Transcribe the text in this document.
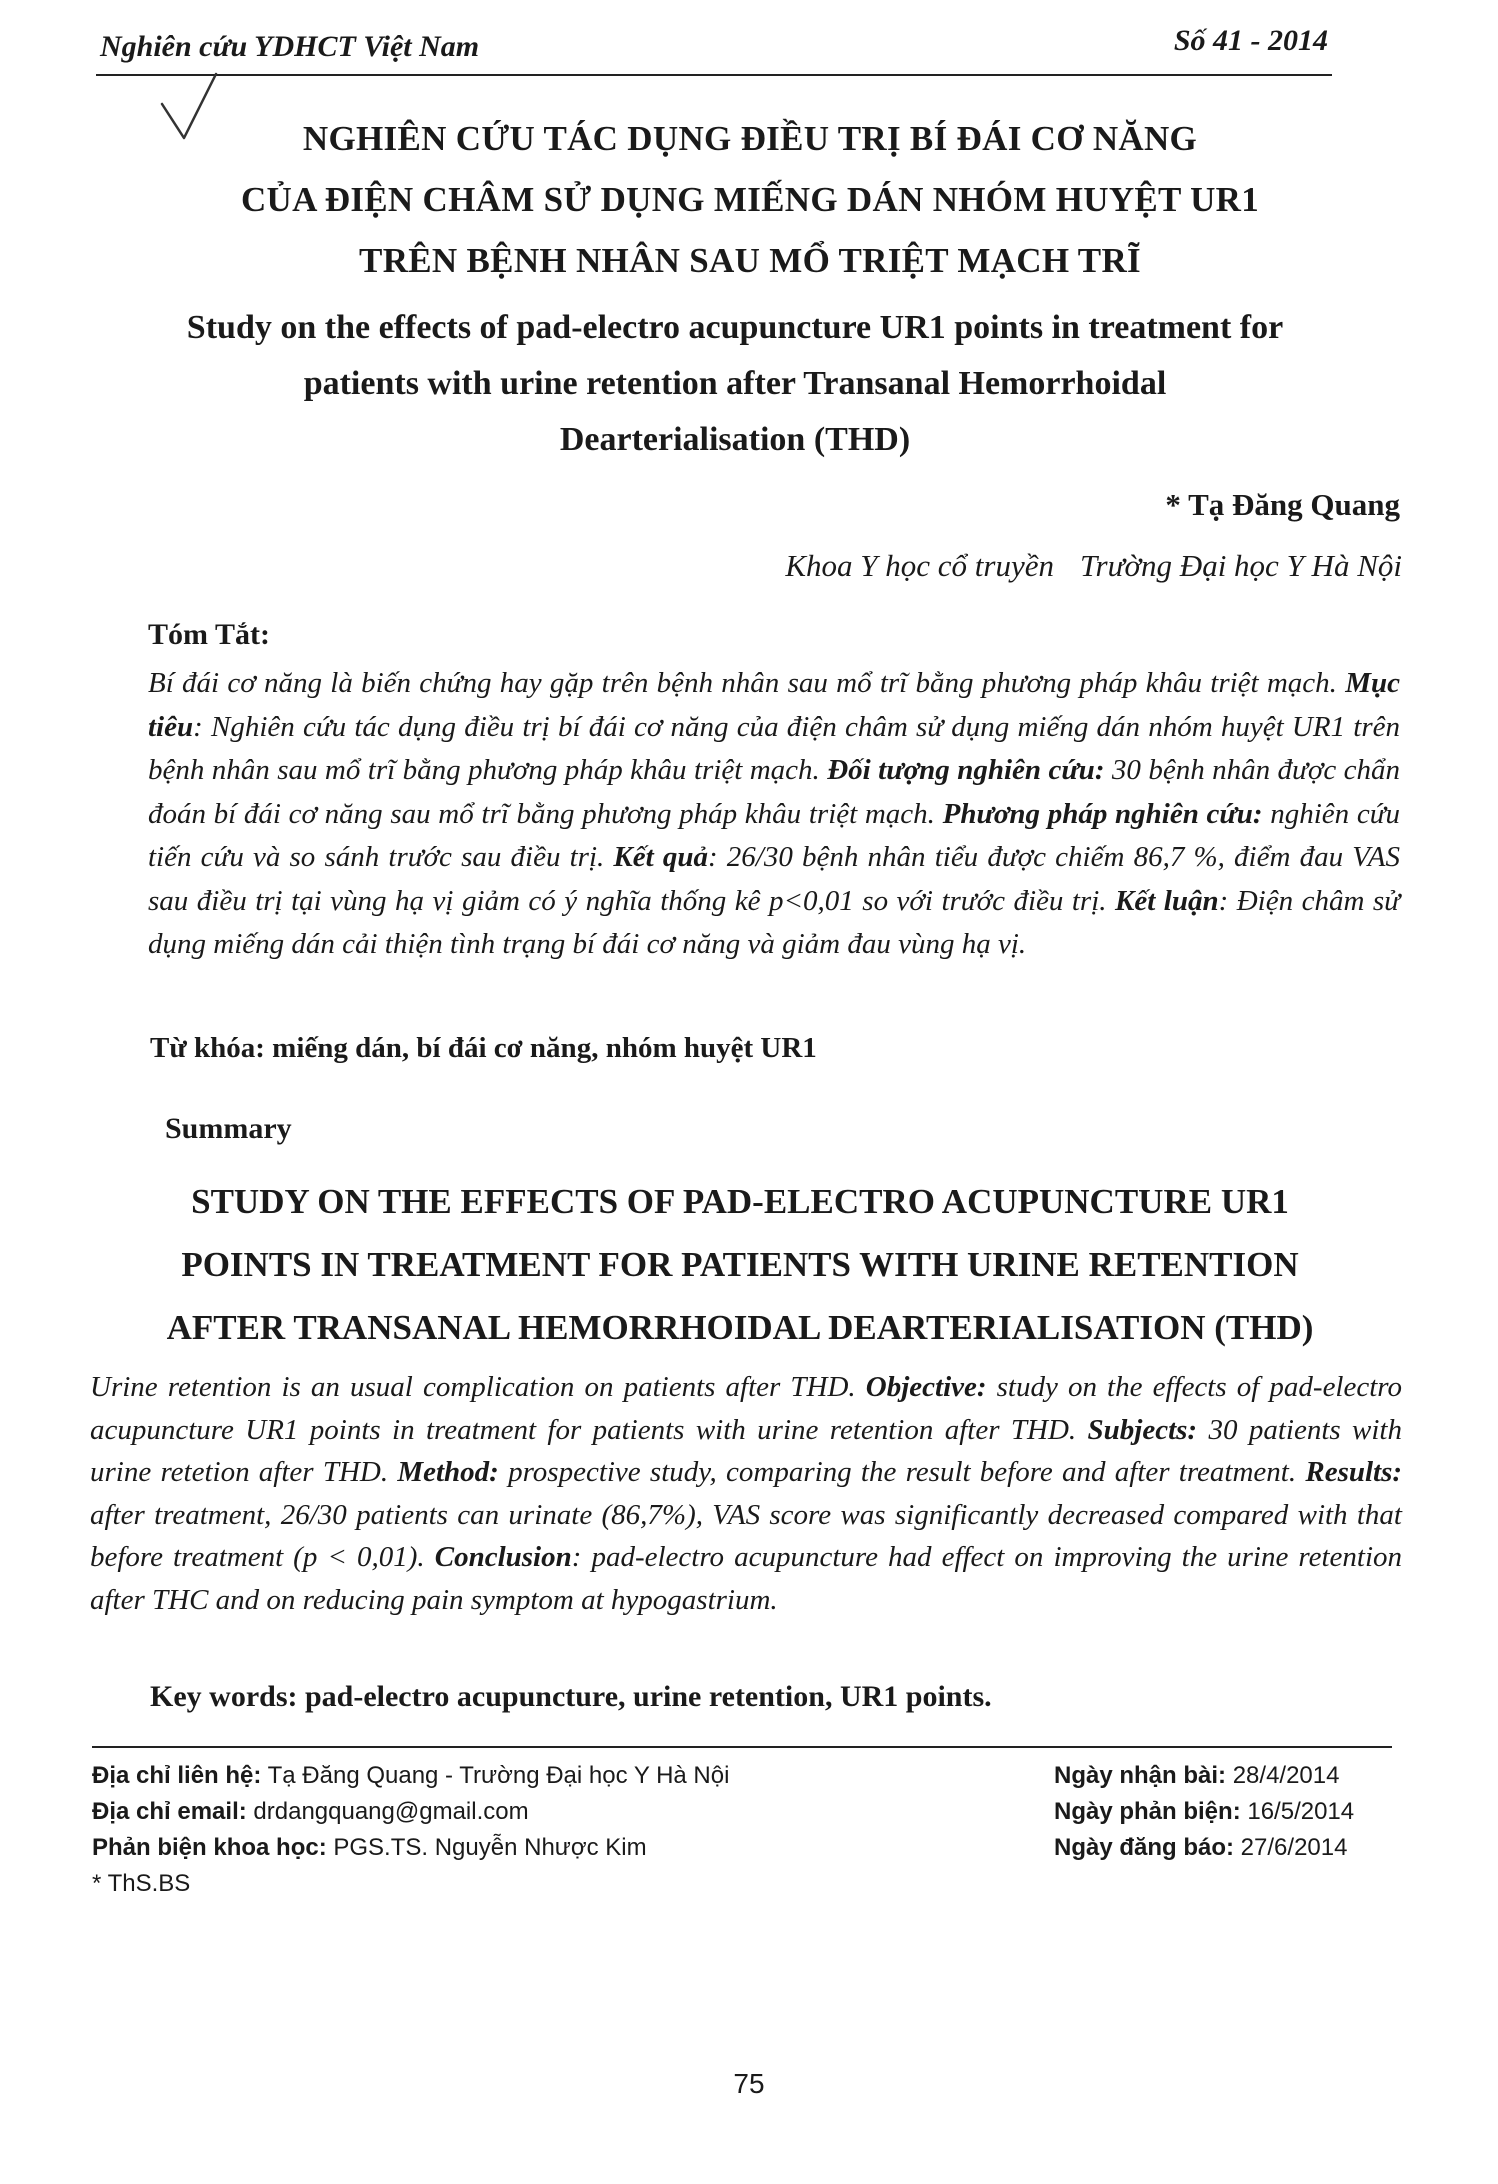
Nghiên cứu YDHCT Việt Nam	Số 41 - 2014
NGHIÊN CỨU TÁC DỤNG ĐIỀU TRỊ BÍ ĐÁI CƠ NĂNG
CỦA ĐIỆN CHÂM SỬ DỤNG MIẾNG DÁN NHÓM HUYỆT UR1
TRÊN BỆNH NHÂN SAU MỔ TRIỆT MẠCH TRĨ
Study on the effects of pad-electro acupuncture UR1 points in treatment for
patients with urine retention after Transanal Hemorrhoidal
Dearterialisation (THD)
* Tạ Đăng Quang
Khoa Y học cổ truyền Trường Đại học Y Hà Nội
Tóm Tắt:
Bí đái cơ năng là biến chứng hay gặp trên bệnh nhân sau mổ trĩ bằng phương pháp khâu triệt mạch. Mục tiêu: Nghiên cứu tác dụng điều trị bí đái cơ năng của điện châm sử dụng miếng dán nhóm huyệt UR1 trên bệnh nhân sau mổ trĩ bằng phương pháp khâu triệt mạch. Đối tượng nghiên cứu: 30 bệnh nhân được chẩn đoán bí đái cơ năng sau mổ trĩ bằng phương pháp khâu triệt mạch. Phương pháp nghiên cứu: nghiên cứu tiến cứu và so sánh trước sau điều trị. Kết quả: 26/30 bệnh nhân tiểu được chiếm 86,7 %, điểm đau VAS sau điều trị tại vùng hạ vị giảm có ý nghĩa thống kê p<0,01 so với trước điều trị. Kết luận: Điện châm sử dụng miếng dán cải thiện tình trạng bí đái cơ năng và giảm đau vùng hạ vị.
Từ khóa: miếng dán, bí đái cơ năng, nhóm huyệt UR1
Summary
STUDY ON THE EFFECTS OF PAD-ELECTRO ACUPUNCTURE UR1
POINTS IN TREATMENT FOR PATIENTS WITH URINE RETENTION
AFTER TRANSANAL HEMORRHOIDAL DEARTERIALISATION (THD)
Urine retention is an usual complication on patients after THD. Objective: study on the effects of pad-electro acupuncture UR1 points in treatment for patients with urine retention after THD. Subjects: 30 patients with urine retetion after THD. Method: prospective study, comparing the result before and after treatment. Results: after treatment, 26/30 patients can urinate (86,7%), VAS score was significantly decreased compared with that before treatment (p < 0,01). Conclusion: pad-electro acupuncture had effect on improving the urine retention after THC and on reducing pain symptom at hypogastrium.
Key words: pad-electro acupuncture, urine retention, UR1 points.
Địa chỉ liên hệ: Tạ Đăng Quang - Trường Đại học Y Hà Nội
Địa chỉ email: drdangquang@gmail.com
Phản biện khoa học: PGS.TS. Nguyễn Nhược Kim
* ThS.BS
Ngày nhận bài: 28/4/2014
Ngày phản biện: 16/5/2014
Ngày đăng báo: 27/6/2014
75
